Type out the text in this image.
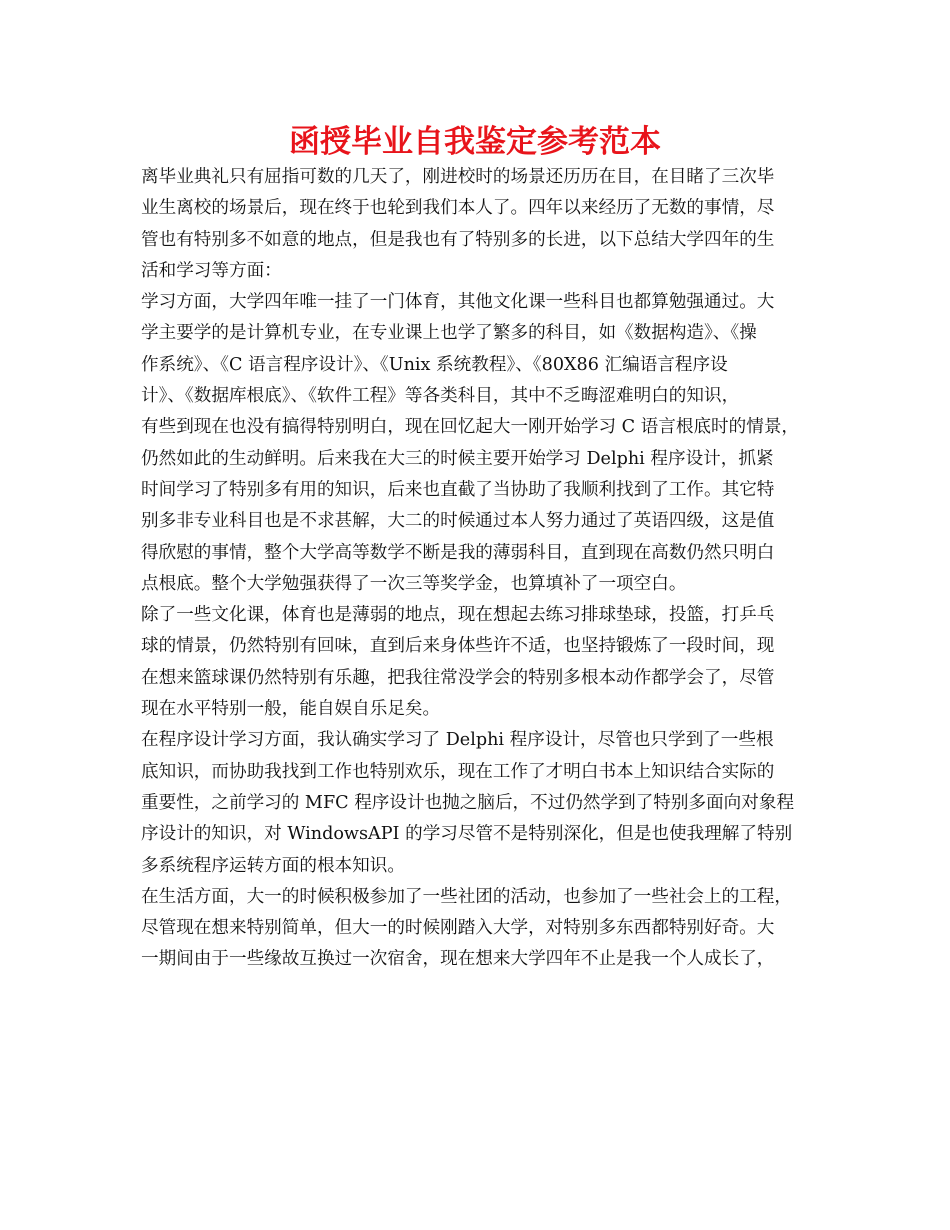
函授毕业自我鉴定参考范本
离毕业典礼只有屈指可数的几天了，刚进校时的场景还历历在目，在目睹了三次毕
业生离校的场景后，现在终于也轮到我们本人了。四年以来经历了无数的事情，尽
管也有特别多不如意的地点，但是我也有了特别多的长进，以下总结大学四年的生
活和学习等方面：
学习方面，大学四年唯一挂了一门体育，其他文化课一些科目也都算勉强通过。大
学主要学的是计算机专业，在专业课上也学了繁多的科目，如《数据构造》、《操
作系统》、《C 语言程序设计》、《Unix 系统教程》、《80X86 汇编语言程序设
计》、《数据库根底》、《软件工程》等各类科目，其中不乏晦涩难明白的知识，
有些到现在也没有搞得特别明白，现在回忆起大一刚开始学习 C 语言根底时的情景，
仍然如此的生动鲜明。后来我在大三的时候主要开始学习 Delphi 程序设计，抓紧
时间学习了特别多有用的知识，后来也直截了当协助了我顺利找到了工作。其它特
别多非专业科目也是不求甚解，大二的时候通过本人努力通过了英语四级，这是值
得欣慰的事情，整个大学高等数学不断是我的薄弱科目，直到现在高数仍然只明白
点根底。整个大学勉强获得了一次三等奖学金，也算填补了一项空白。
除了一些文化课，体育也是薄弱的地点，现在想起去练习排球垫球，投篮，打乒乓
球的情景，仍然特别有回味，直到后来身体些许不适，也坚持锻炼了一段时间，现
在想来篮球课仍然特别有乐趣，把我往常没学会的特别多根本动作都学会了，尽管
现在水平特别一般，能自娱自乐足矣。
在程序设计学习方面，我认确实学习了 Delphi 程序设计，尽管也只学到了一些根
底知识，而协助我找到工作也特别欢乐，现在工作了才明白书本上知识结合实际的
重要性，之前学习的 MFC 程序设计也抛之脑后，不过仍然学到了特别多面向对象程
序设计的知识，对 WindowsAPI 的学习尽管不是特别深化，但是也使我理解了特别
多系统程序运转方面的根本知识。
在生活方面，大一的时候积极参加了一些社团的活动，也参加了一些社会上的工程，
尽管现在想来特别简单，但大一的时候刚踏入大学，对特别多东西都特别好奇。大
一期间由于一些缘故互换过一次宿舍，现在想来大学四年不止是我一个人成长了，
